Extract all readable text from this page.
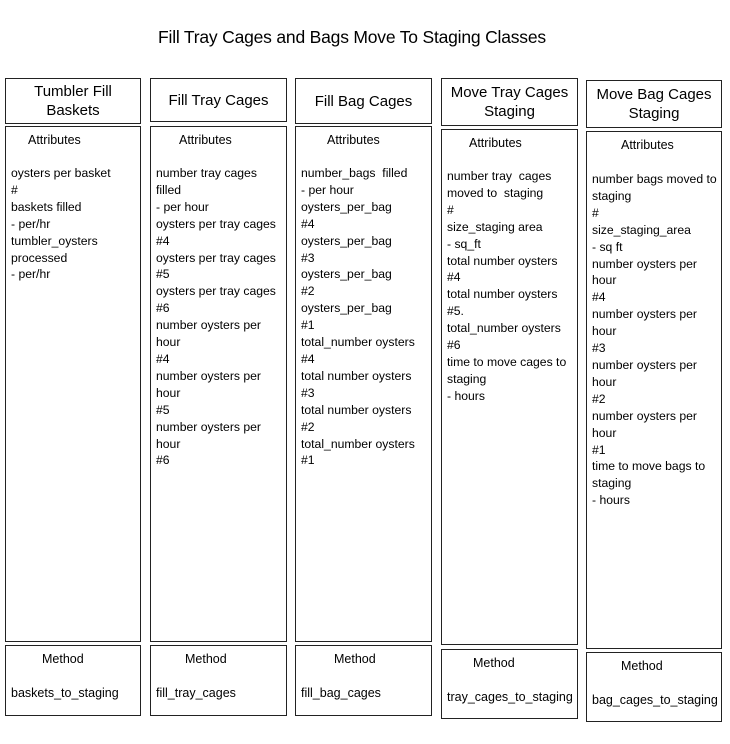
Fill Tray Cages and Bags Move To Staging Classes
Tumbler Fill Baskets
Attributes
oysters per basket
#
baskets filled
- per/hr
tumbler_oysters
processed
- per/hr
Method
baskets_to_staging
Fill Tray Cages
Attributes
number tray cages  filled
- per hour
oysters per tray cages
#4
oysters per tray cages
#5
oysters per tray cages
#6
number oysters per hour
#4
number oysters per hour
#5
number oysters per hour
#6
Method
fill_tray_cages
Fill Bag Cages
Attributes
number_bags  filled
- per hour
oysters_per_bag
#4
oysters_per_bag
#3
oysters_per_bag
#2
oysters_per_bag
#1
total_number oysters
#4
total number oysters
#3
total number oysters
#2
total_number oysters
#1
Method
fill_bag_cages
Move Tray Cages Staging
Attributes
number tray  cages
moved to  staging
#
size_staging area
- sq_ft
total number oysters
#4
total number oysters
#5.
total_number oysters
#6
time to move cages to
staging
- hours
Method
tray_cages_to_staging
Move Bag Cages Staging
Attributes
number bags moved to
staging
#
size_staging_area
- sq ft
number oysters per hour
#4
number oysters per hour
#3
number oysters per hour
#2
number oysters per hour
#1
time to move bags to
staging
- hours
Method
bag_cages_to_staging
